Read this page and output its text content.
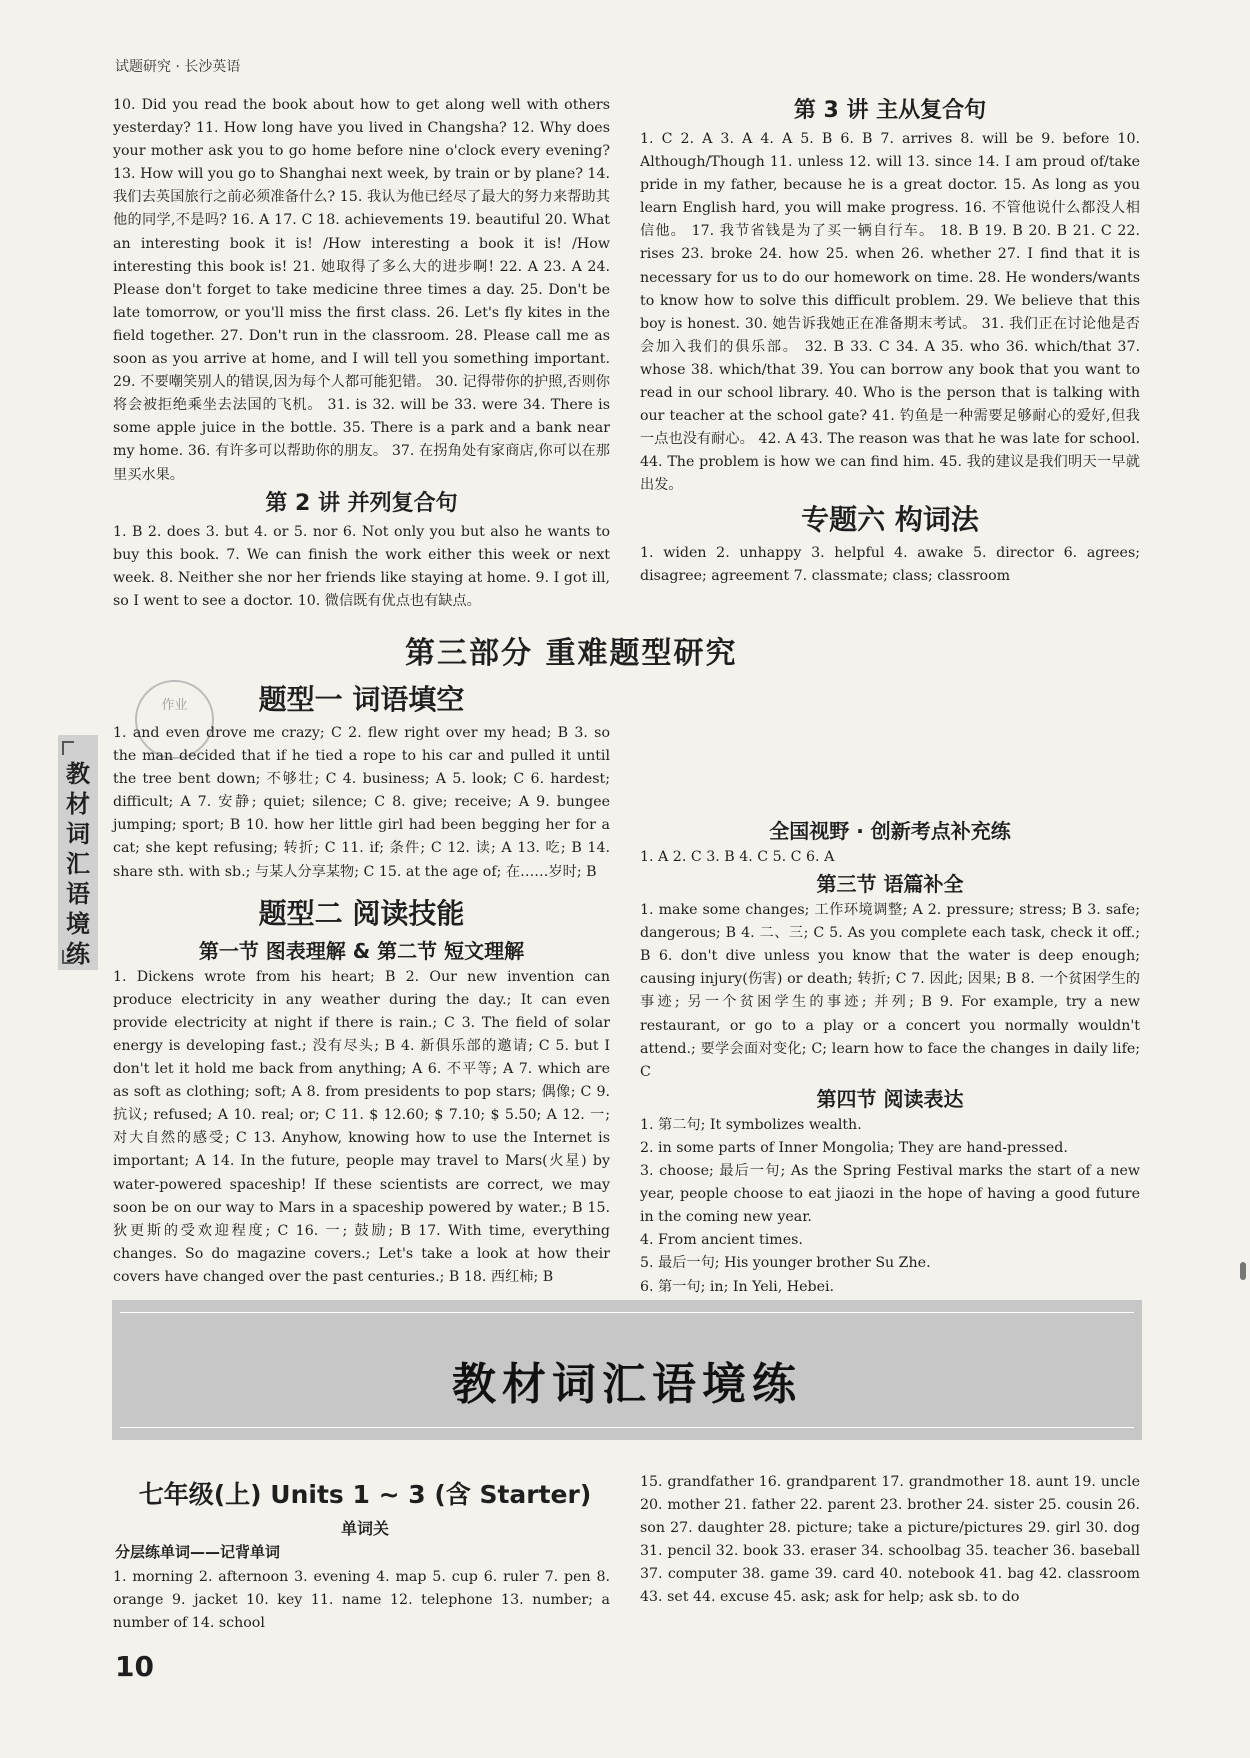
试题研究 · 长沙英语

10. Did you read the book about how to get along well with others yesterday? 11. How long have you lived in Changsha? 12. Why does your mother ask you to go home before nine o'clock every evening? 13. How will you go to Shanghai next week, by train or by plane? 14. 我们去英国旅行之前必须准备什么? 15. 我认为他已经尽了最大的努力来帮助其他的同学,不是吗? 16. A 17. C 18. achievements 19. beautiful 20. What an interesting book it is! /How interesting a book it is! /How interesting this book is! 21. 她取得了多么大的进步啊! 22. A 23. A 24. Please don't forget to take medicine three times a day. 25. Don't be late tomorrow, or you'll miss the first class. 26. Let's fly kites in the field together. 27. Don't run in the classroom. 28. Please call me as soon as you arrive at home, and I will tell you something important. 29. 不要嘲笑别人的错误,因为每个人都可能犯错。 30. 记得带你的护照,否则你将会被拒绝乘坐去法国的飞机。 31. is 32. will be 33. were 34. There is some apple juice in the bottle. 35. There is a park and a bank near my home. 36. 有许多可以帮助你的朋友。 37. 在拐角处有家商店,你可以在那里买水果。

第 2 讲 并列复合句

1. B 2. does 3. but 4. or 5. nor 6. Not only you but also he wants to buy this book. 7. We can finish the work either this week or next week. 8. Neither she nor her friends like staying at home. 9. I got ill, so I went to see a doctor. 10. 微信既有优点也有缺点。

第 3 讲 主从复合句

1. C 2. A 3. A 4. A 5. B 6. B 7. arrives 8. will be 9. before 10. Although/Though 11. unless 12. will 13. since 14. I am proud of/take pride in my father, because he is a great doctor. 15. As long as you learn English hard, you will make progress. 16. 不管他说什么都没人相信他。 17. 我节省钱是为了买一辆自行车。 18. B 19. B 20. B 21. C 22. rises 23. broke 24. how 25. when 26. whether 27. I find that it is necessary for us to do our homework on time. 28. He wonders/wants to know how to solve this difficult problem. 29. We believe that this boy is honest. 30. 她告诉我她正在准备期末考试。 31. 我们正在讨论他是否会加入我们的俱乐部。 32. B 33. C 34. A 35. who 36. which/that 37. whose 38. which/that 39. You can borrow any book that you want to read in our school library. 40. Who is the person that is talking with our teacher at the school gate? 41. 钓鱼是一种需要足够耐心的爱好,但我一点也没有耐心。 42. A 43. The reason was that he was late for school. 44. The problem is how we can find him. 45. 我的建议是我们明天一早就出发。

专题六 构词法

1. widen 2. unhappy 3. helpful 4. awake 5. director 6. agrees; disagree; agreement 7. classmate; class; classroom

第三部分 重难题型研究
作业	题型一 词语填空

1. and even drove me crazy; C 2. flew right over my head; B 3. so the man decided that if he tied a rope to his car and pulled it until the tree bent down; 不够壮; C 4. business; A 5. look; C 6. hardest; difficult; A 7. 安静; quiet; silence; C 8. give; receive; A 9. bungee jumping; sport; B 10. how her little girl had been begging her for a cat; she kept refusing; 转折; C 11. if; 条件; C 12. 读; A 13. 吃; B 14. share sth. with sb.; 与某人分享某物; C 15. at the age of; 在……岁时; B

题型二 阅读技能
第一节 图表理解 & 第二节 短文理解

1. Dickens wrote from his heart; B 2. Our new invention can produce electricity in any weather during the day.; It can even provide electricity at night if there is rain.; C 3. The field of solar energy is developing fast.; 没有尽头; B 4. 新俱乐部的邀请; C 5. but I don't let it hold me back from anything; A 6. 不平等; A 7. which are as soft as clothing; soft; A 8. from presidents to pop stars; 偶像; C 9. 抗议; refused; A 10. real; or; C 11. $ 12.60; $ 7.10; $ 5.50; A 12. 一; 对大自然的感受; C 13. Anyhow, knowing how to use the Internet is important; A 14. In the future, people may travel to Mars(火星) by water-powered spaceship! If these scientists are correct, we may soon be on our way to Mars in a spaceship powered by water.; B 15. 狄更斯的受欢迎程度; C 16. 一; 鼓励; B 17. With time, everything changes. So do magazine covers.; Let's take a look at how their covers have changed over the past centuries.; B 18. 西红柿; B

全国视野 · 创新考点补充练

1. A 2. C 3. B 4. C 5. C 6. A

第三节 语篇补全

1. make some changes; 工作环境调整; A 2. pressure; stress; B 3. safe; dangerous; B 4. 二、三; C 5. As you complete each task, check it off.; B 6. don't dive unless you know that the water is deep enough; causing injury(伤害) or death; 转折; C 7. 因此; 因果; B 8. 一个贫困学生的事迹; 另一个贫困学生的事迹; 并列; B 9. For example, try a new restaurant, or go to a play or a concert you normally wouldn't attend.; 要学会面对变化; C; learn how to face the changes in daily life; C

第四节 阅读表达

1. 第二句; It symbolizes wealth.

2. in some parts of Inner Mongolia; They are hand-pressed.

3. choose; 最后一句; As the Spring Festival marks the start of a new year, people choose to eat jiaozi in the hope of having a good future in the coming new year.

4. From ancient times.

5. 最后一句; His younger brother Su Zhe.

6. 第一句; in; In Yeli, Hebei.

教材词汇语境练
教材词汇语境练
七年级(上) Units 1 ~ 3 (含 Starter)
单词关
分层练单词——记背单词

1. morning 2. afternoon 3. evening 4. map 5. cup 6. ruler 7. pen 8. orange 9. jacket 10. key 11. name 12. telephone 13. number; a number of 14. school

15. grandfather 16. grandparent 17. grandmother 18. aunt 19. uncle 20. mother 21. father 22. parent 23. brother 24. sister 25. cousin 26. son 27. daughter 28. picture; take a picture/pictures 29. girl 30. dog 31. pencil 32. book 33. eraser 34. schoolbag 35. teacher 36. baseball 37. computer 38. game 39. card 40. notebook 41. bag 42. classroom 43. set 44. excuse 45. ask; ask for help; ask sb. to do

10
